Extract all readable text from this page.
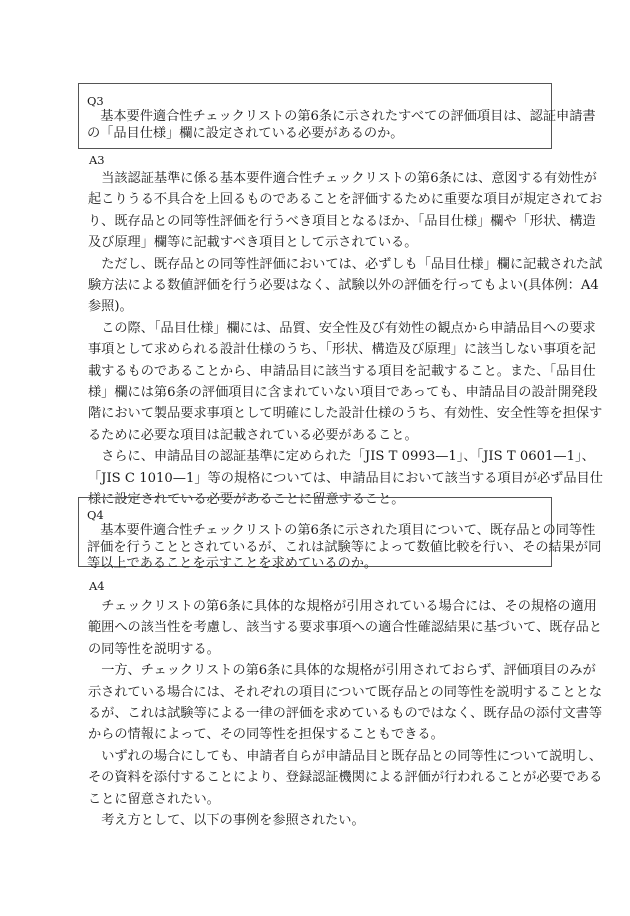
Q3
基本要件適合性チェックリストの第6条に示されたすべての評価項目は、認証申請書
の「品目仕様」欄に設定されている必要があるのか。
A3
当該認証基準に係る基本要件適合性チェックリストの第6条には、意図する有効性が
起こりうる不具合を上回るものであることを評価するために重要な項目が規定されてお
り、既存品との同等性評価を行うべき項目となるほか、「品目仕様」欄や「形状、構造
及び原理」欄等に記載すべき項目として示されている。
ただし、既存品との同等性評価においては、必ずしも「品目仕様」欄に記載された試
験方法による数値評価を行う必要はなく、試験以外の評価を行ってもよい(具体例：A4
参照)。
この際、「品目仕様」欄には、品質、安全性及び有効性の観点から申請品目への要求
事項として求められる設計仕様のうち、「形状、構造及び原理」に該当しない事項を記
載するものであることから、申請品目に該当する項目を記載すること。また、「品目仕
様」欄には第6条の評価項目に含まれていない項目であっても、申請品目の設計開発段
階において製品要求事項として明確にした設計仕様のうち、有効性、安全性等を担保す
るために必要な項目は記載されている必要があること。
さらに、申請品目の認証基準に定められた「JIS T 0993—1」、「JIS T 0601—1」、
「JIS C 1010—1」等の規格については、申請品目において該当する項目が必ず品目仕
様に設定されている必要があることに留意すること。
Q4
基本要件適合性チェックリストの第6条に示された項目について、既存品との同等性
評価を行うこととされているが、これは試験等によって数値比較を行い、その結果が同
等以上であることを示すことを求めているのか。
A4
チェックリストの第6条に具体的な規格が引用されている場合には、その規格の適用
範囲への該当性を考慮し、該当する要求事項への適合性確認結果に基づいて、既存品と
の同等性を説明する。
一方、チェックリストの第6条に具体的な規格が引用されておらず、評価項目のみが
示されている場合には、それぞれの項目について既存品との同等性を説明することとな
るが、これは試験等による一律の評価を求めているものではなく、既存品の添付文書等
からの情報によって、その同等性を担保することもできる。
いずれの場合にしても、申請者自らが申請品目と既存品との同等性について説明し、
その資料を添付することにより、登録認証機関による評価が行われることが必要である
ことに留意されたい。
考え方として、以下の事例を参照されたい。
